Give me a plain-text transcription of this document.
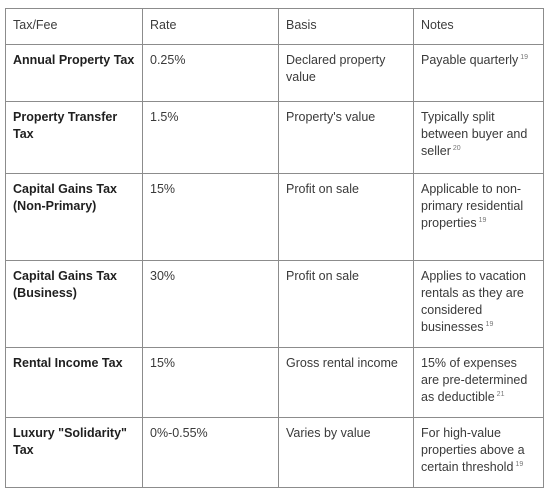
Tax/Fee	Rate	Basis	Notes
Annual Property Tax	0.25%	Declared property value	Payable quarterly $^{19}$
Property Transfer Tax	1.5%	Property's value	Typically split between buyer and seller $^{20}$
Capital Gains Tax (Non-Primary)	15%	Profit on sale	Applicable to non-primary residential properties $^{19}$
Capital Gains Tax (Business)	30%	Profit on sale	Applies to vacation rentals as they are considered businesses $^{19}$
Rental Income Tax	15%	Gross rental income	15% of expenses are pre-determined as deductible $^{21}$
Luxury "Solidarity" Tax	0%-0.55%	Varies by value	For high-value properties above a certain threshold $^{19}$
